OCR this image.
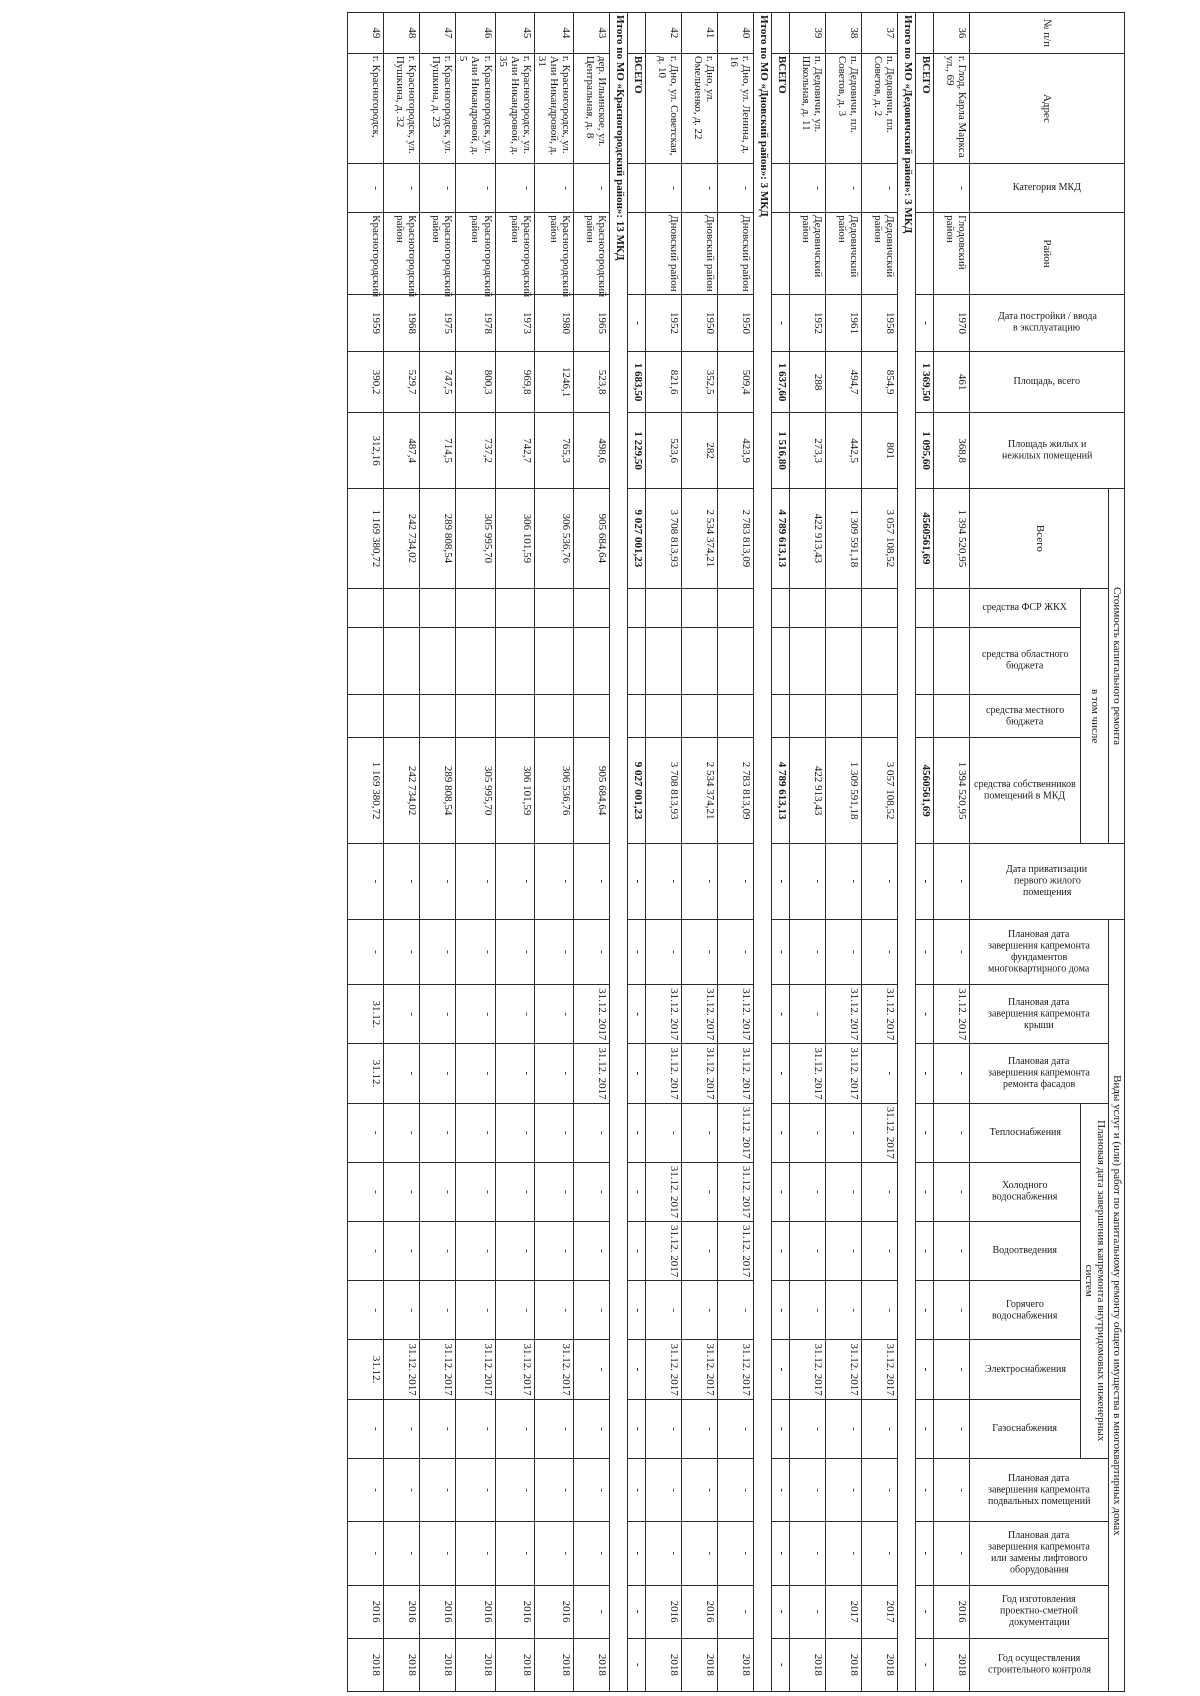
№ п/п	Адрес	Категория МКД	Район	Дата постройки / ввода в эксплуатацию	Площадь, всего	Площадь жилых и нежилых помещений	Стоимость капитального ремонта					Дата приватизации первого жилого помещения	Виды услуг и (или) работ по капитальному ремонту общего имущества в многоквартирных домах												
							Всего	в том числе					Плановая дата завершения капремонта фундаментов многоквартирного дома	Плановая дата завершения капремонта крыши	Плановая дата завершения капремонта ремонта фасадов	Плановая дата завершения капремонта внутридомовых инженерных систем						Плановая дата завершения капремонта подвальных помещений	Плановая дата завершения капремонта или замены лифтового оборудования	Год изготовления проектно-сметной документации	Год осуществления строительного контроля

								средства ФСР ЖКХ	средства областного бюджета	средства местного бюджета	средства собственников помещений в МКД					Теплоснабжения	Холодного водоснабжения	Водоотведения	Горячего водоснабжения	Электроснабжения	Газоснабжения				

36	г. Глод, Карла Маркса ул., 69	-	Глодовский район	1970	461	368,8	1 394 520,95				1 394 520,95	-	-	31.12. 2017	-	-	-	-	-	-	-	-	-	2016	2018
	ВСЕГО			-	1 369,50	1 095,60	4560561,69				4560561,69	-	-	-	-	-	-	-	-	-	-	-	-	-	-
Итого по МО «Дедовичский район»: 3 МКД																									
37	п. Дедовичи, пл. Советов, д. 2	-	Дедовичский район	1958	854,9	801	3 057 108,52				3 057 108,52	-	-	31.12. 2017	-	31.12. 2017	-	-	-	31.12. 2017	-	-	-	2017	2018
38	п. Дедовичи, пл. Советов, д. 3	-	Дедовичский район	1961	494,7	442,5	1 309 591,18				1 309 591,18	-	-	31.12. 2017	31.12. 2017	-	-	-	-	31.12. 2017	-	-	-	2017	2018
39	п. Дедовичи, ул. Школьная, д. 11	-	Дедовичский район	1952	288	273,3	422 913,43				422 913,43	-	-	-	31.12. 2017	-	-	-	-	31.12. 2017	-	-	-	-	2018
	ВСЕГО			-	1 637,60	1 516,80	4 789 613,13				4 789 613,13	-	-	-	-	-	-	-	-	-	-	-	-	-	-
Итого по МО «Дновский район»: 3 МКД																									
40	г. Дно, ул. Ленина, д. 16	-	Дновский район	1950	509,4	423,9	2 783 813,09				2 783 813,09	-	-	31.12. 2017	31.12. 2017	31.12. 2017	31.12. 2017	31.12. 2017	-	31.12. 2017	-	-	-	-	2018
41	г. Дно, ул. Омельченко, д. 22	-	Дновский район	1950	352,5	282	2 534 374,21				2 534 374,21	-	-	31.12. 2017	31.12. 2017	-	-	-	-	31.12. 2017	-	-	-	2016	2018
42	г. Дно, ул. Советская, д. 10	-	Дновский район	1952	821,6	523,6	3 708 813,93				3 708 813,93	-	-	31.12. 2017	31.12. 2017	-	31.12. 2017	31.12. 2017	-	31.12. 2017	-	-	-	2016	2018
	ВСЕГО			-	1 683,50	1 229,50	9 027 001,23				9 027 001,23	-	-	-	-	-	-	-	-	-	-	-	-	-	-
Итого по МО «Красногородский район»: 13 МКД																									
43	дер. Ильинское, ул. Центральная, д. 8	-	Красногородский район	1965	523,8	498,6	905 684,64				905 684,64	-	-	31.12. 2017	31.12. 2017	-	-	-	-	-	-	-	-	-	2018
44	г. Красногородск, ул. Ани Никандровой, д. 31	-	Красногородский район	1980	1246,1	765,3	306 536,76				306 536,76	-	-	-	-	-	-	-	-	31.12. 2017	-	-	-	2016	2018
45	г. Красногородск, ул. Ани Никандровой, д. 35	-	Красногородский район	1973	969,8	742,7	306 101,59				306 101,59	-	-	-	-	-	-	-	-	31.12. 2017	-	-	-	2016	2018
46	г. Красногородск, ул. Ани Никандровой, д. 5	-	Красногородский район	1978	800,3	737,2	305 995,70				305 995,70	-	-	-	-	-	-	-	-	31.12. 2017	-	-	-	2016	2018
47	г. Красногородск, ул. Пушкина, д. 23	-	Красногородский район	1975	747,5	714,5	289 808,54				289 808,54	-	-	-	-	-	-	-	-	31.12. 2017	-	-	-	2016	2018
48	г. Красногородск, ул. Пушкина, д. 32	-	Красногородский район	1968	529,7	487,4	242 734,02				242 734,02	-	-	-	-	-	-	-	-	31.12. 2017	-	-	-	2016	2018
49	г. Красногородск,	-	Красногородский	1959	390,2	312,16	1 169 380,72				1 169 380,72	-	-	31.12.	31.12.	-	-	-	-	31.12.	-	-	-	2016	2018
